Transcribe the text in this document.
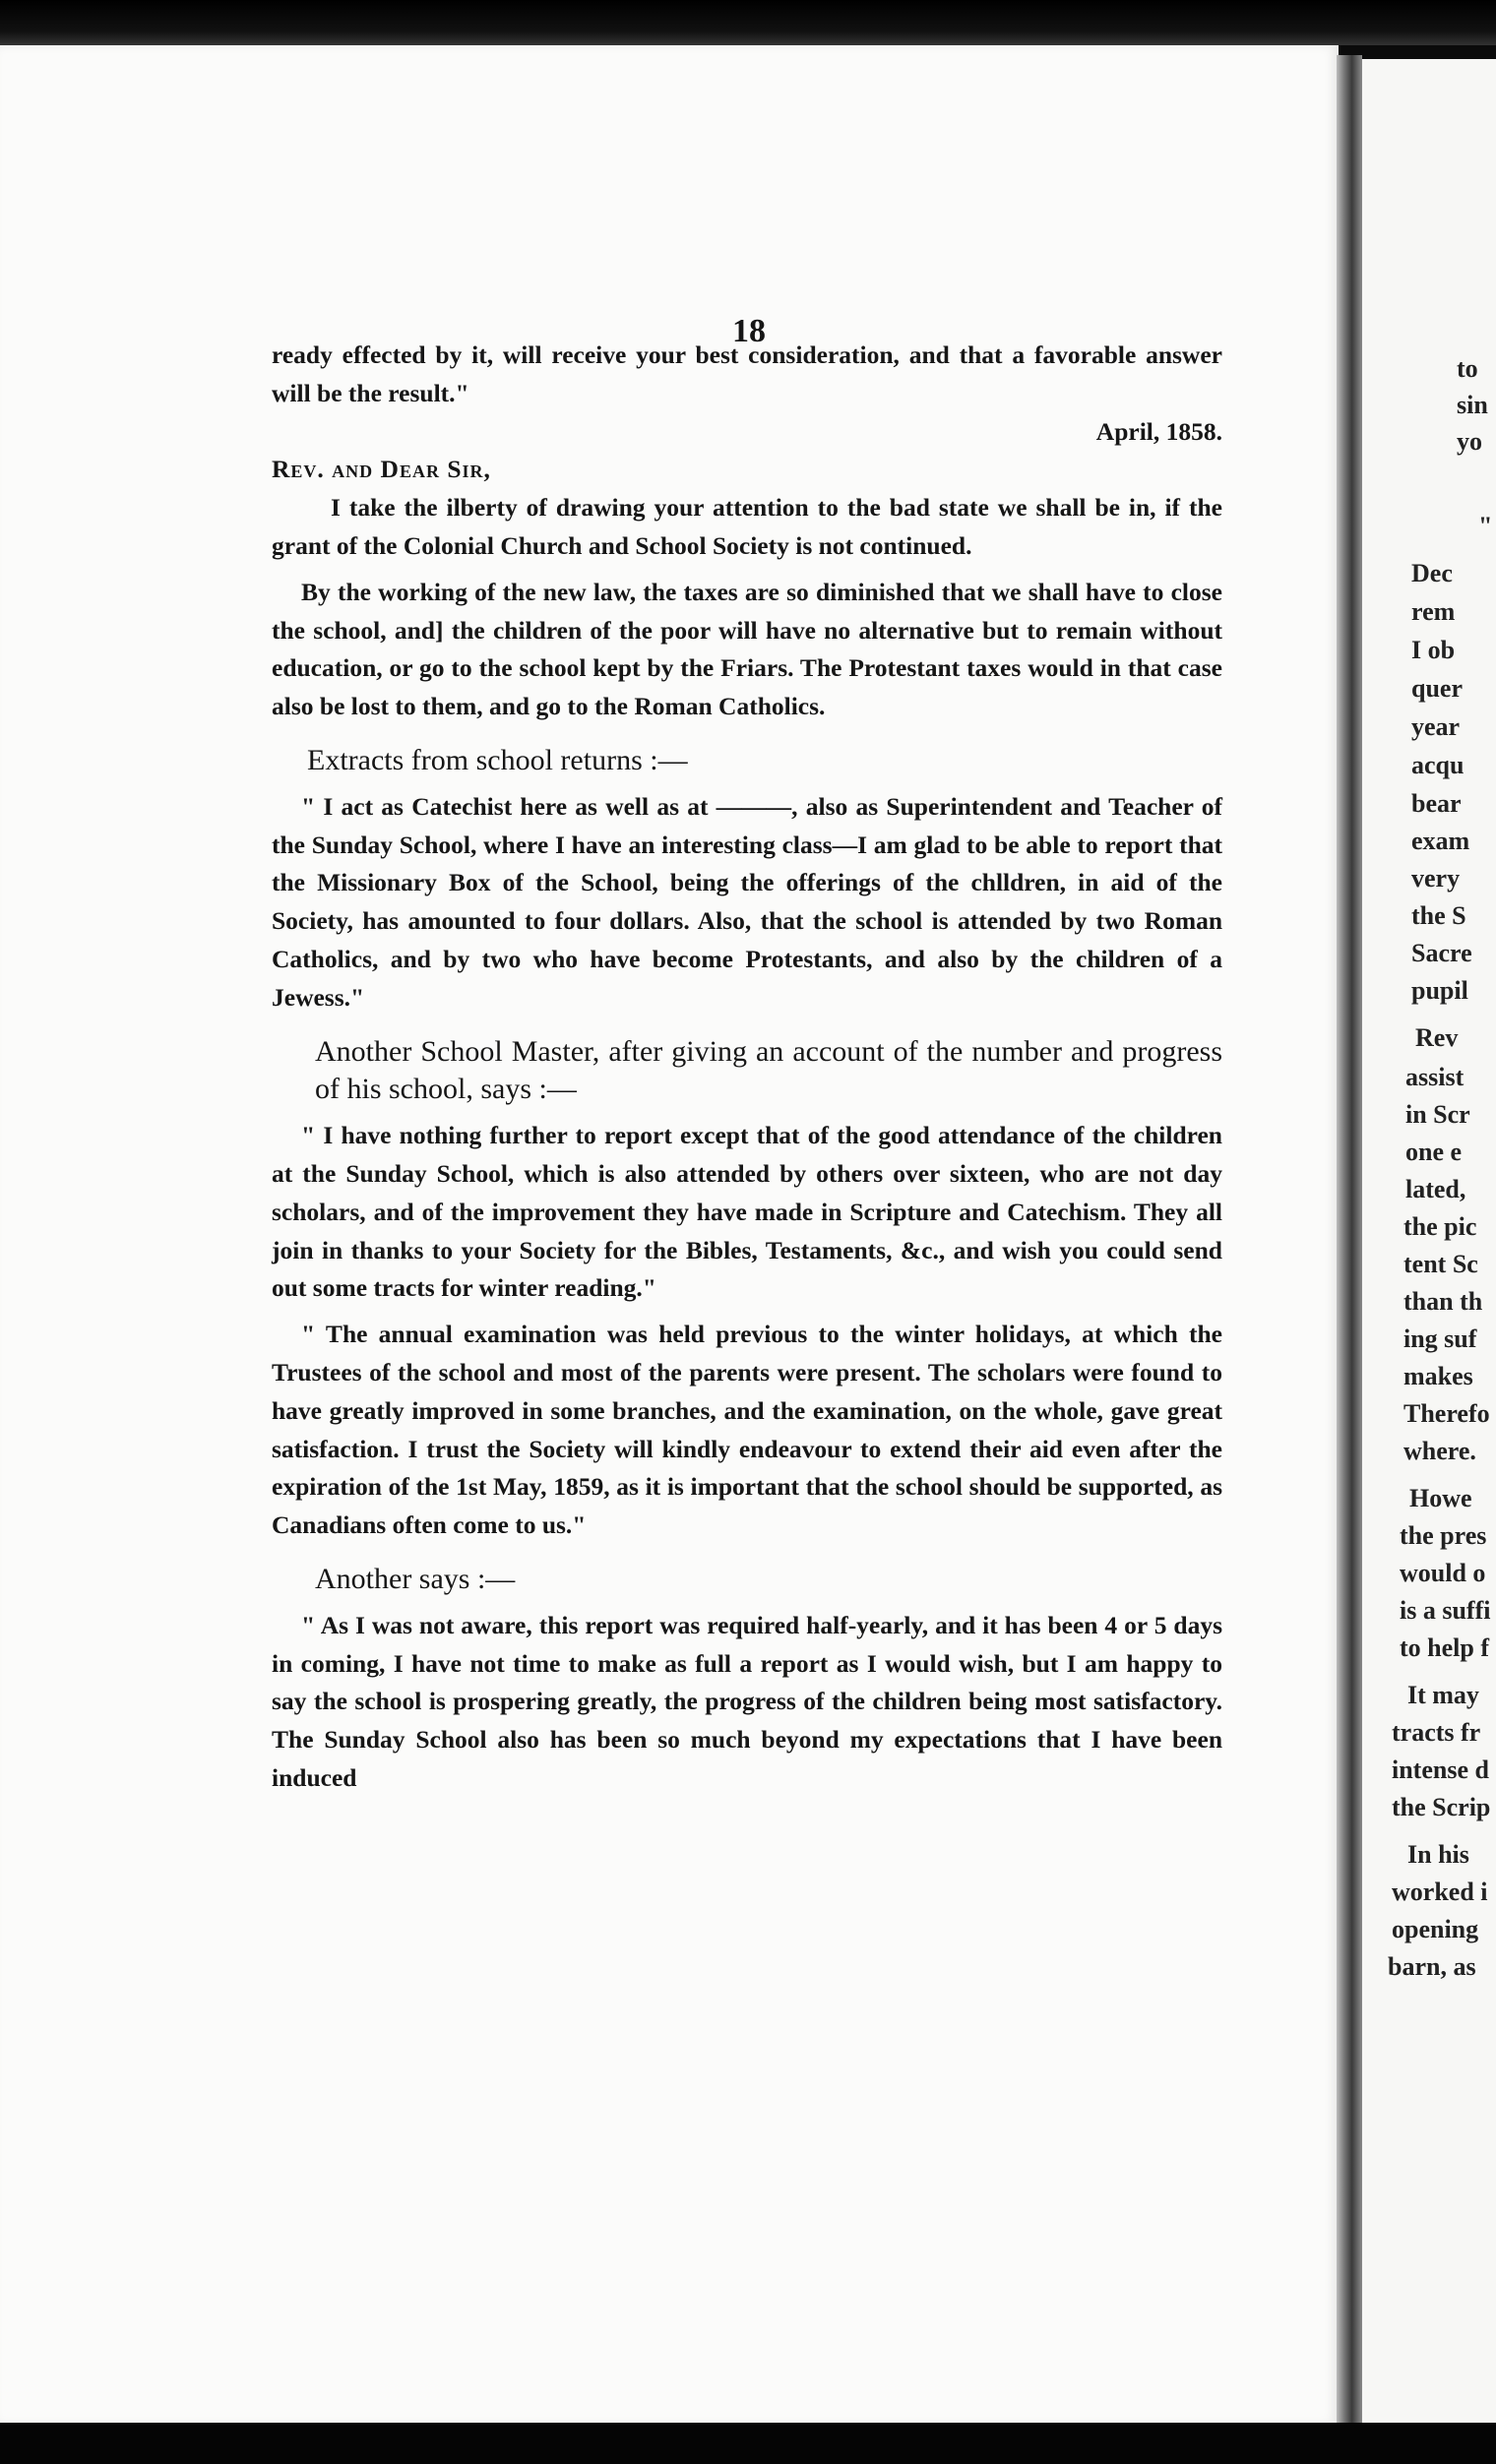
18

ready effected by it, will receive your best consideration, and that a favorable answer will be the result."

April, 1858.

Rev. and Dear Sir,

I take the ilberty of drawing your attention to the bad state we shall be in, if the grant of the Colonial Church and School Society is not continued.

By the working of the new law, the taxes are so diminished that we shall have to close the school, and] the children of the poor will have no alternative but to remain without education, or go to the school kept by the Friars. The Protestant taxes would in that case also be lost to them, and go to the Roman Catholics.

Extracts from school returns :—

" I act as Catechist here as well as at ———, also as Superintendent and Teacher of the Sunday School, where I have an interesting class—I am glad to be able to report that the Missionary Box of the School, being the offerings of the chlldren, in aid of the Society, has amounted to four dollars. Also, that the school is attended by two Roman Catholics, and by two who have become Protestants, and also by the children of a Jewess."

Another School Master, after giving an account of the number and progress of his school, says :—

" I have nothing further to report except that of the good attendance of the children at the Sunday School, which is also attended by others over sixteen, who are not day scholars, and of the improvement they have made in Scripture and Catechism. They all join in thanks to your Society for the Bibles, Testaments, &c., and wish you could send out some tracts for winter reading."

" The annual examination was held previous to the winter holidays, at which the Trustees of the school and most of the parents were present. The scholars were found to have greatly improved in some branches, and the examination, on the whole, gave great satisfaction. I trust the Society will kindly endeavour to extend their aid even after the expiration of the 1st May, 1859, as it is important that the school should be supported, as Canadians often come to us."

Another says :—

" As I was not aware, this report was required half-yearly, and it has been 4 or 5 days in coming, I have not time to make as full a report as I would wish, but I am happy to say the school is prospering greatly, the progress of the children being most satisfactory. The Sunday School also has been so much beyond my expectations that I have been induced

to
sin
yo
"
Dec
rem
I ob
quer
year
acqu
bear
exam
very
the S
Sacre
pupil
Rev
assist
in Scr
one e
lated,
the pic
tent Sc
than th
ing suf
makes
Therefo
where.
Howe
the pres
would o
is a suffi
to help f
It may
tracts fr
intense d
the Scrip
In his
worked i
opening
barn, as
